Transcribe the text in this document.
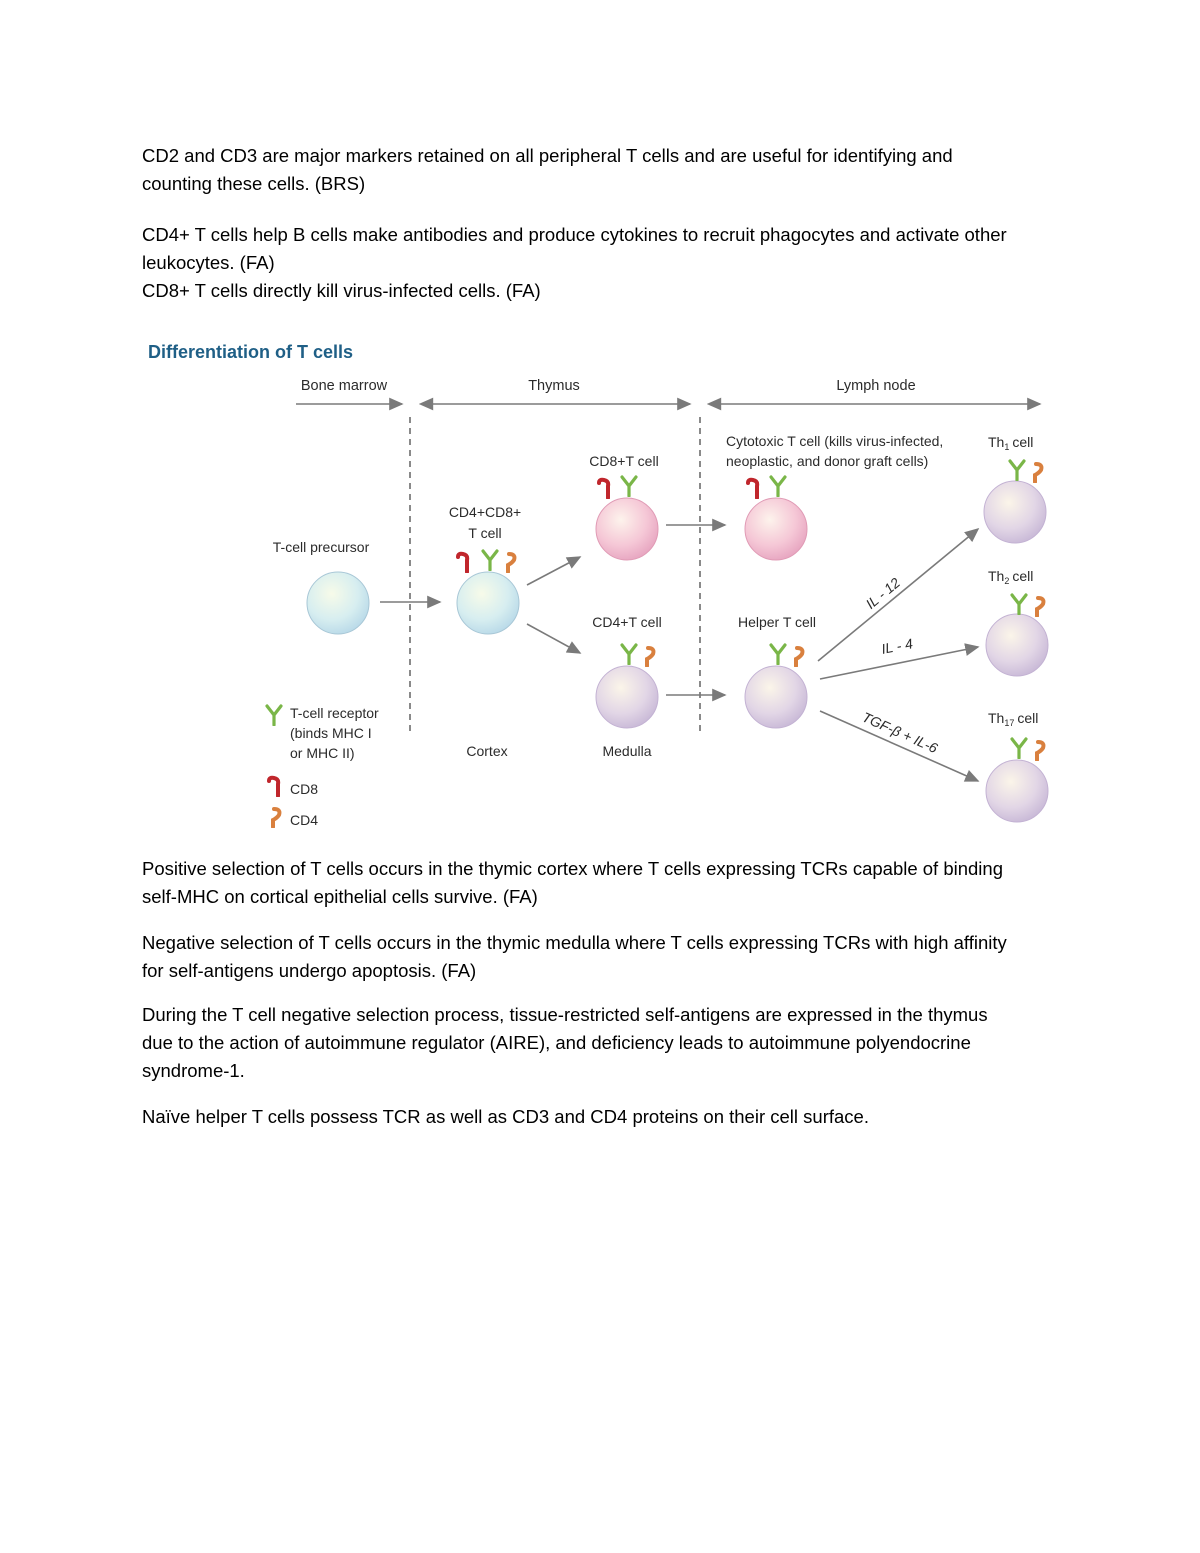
CD2 and CD3 are major markers retained on all peripheral T cells and are useful for identifying and
counting these cells. (BRS)

CD4+ T cells help B cells make antibodies and produce cytokines to recruit phagocytes and activate other
leukocytes. (FA)
CD8+ T cells directly kill virus-infected cells. (FA)

Differentiation of T cells
Bone marrow	Thymus	Lymph node
T-cell precursor
CD4+CD8+
T cell
CD8+T cell
CD4+T cell
Cytotoxic T cell (kills virus-infected,
neoplastic, and donor graft cells)
Helper T cell
IL - 12
IL - 4
TGF-β + IL-6
$Th_1$ cell
$Th_2$ cell
$Th_{17}$ cell
Cortex	Medulla
T-cell receptor
(binds MHC I
or MHC II)
CD8
CD4

Positive selection of T cells occurs in the thymic cortex where T cells expressing TCRs capable of binding
self-MHC on cortical epithelial cells survive. (FA)

Negative selection of T cells occurs in the thymic medulla where T cells expressing TCRs with high affinity
for self-antigens undergo apoptosis. (FA)

During the T cell negative selection process, tissue-restricted self-antigens are expressed in the thymus
due to the action of autoimmune regulator (AIRE), and deficiency leads to autoimmune polyendocrine
syndrome-1.

Naïve helper T cells possess TCR as well as CD3 and CD4 proteins on their cell surface.
